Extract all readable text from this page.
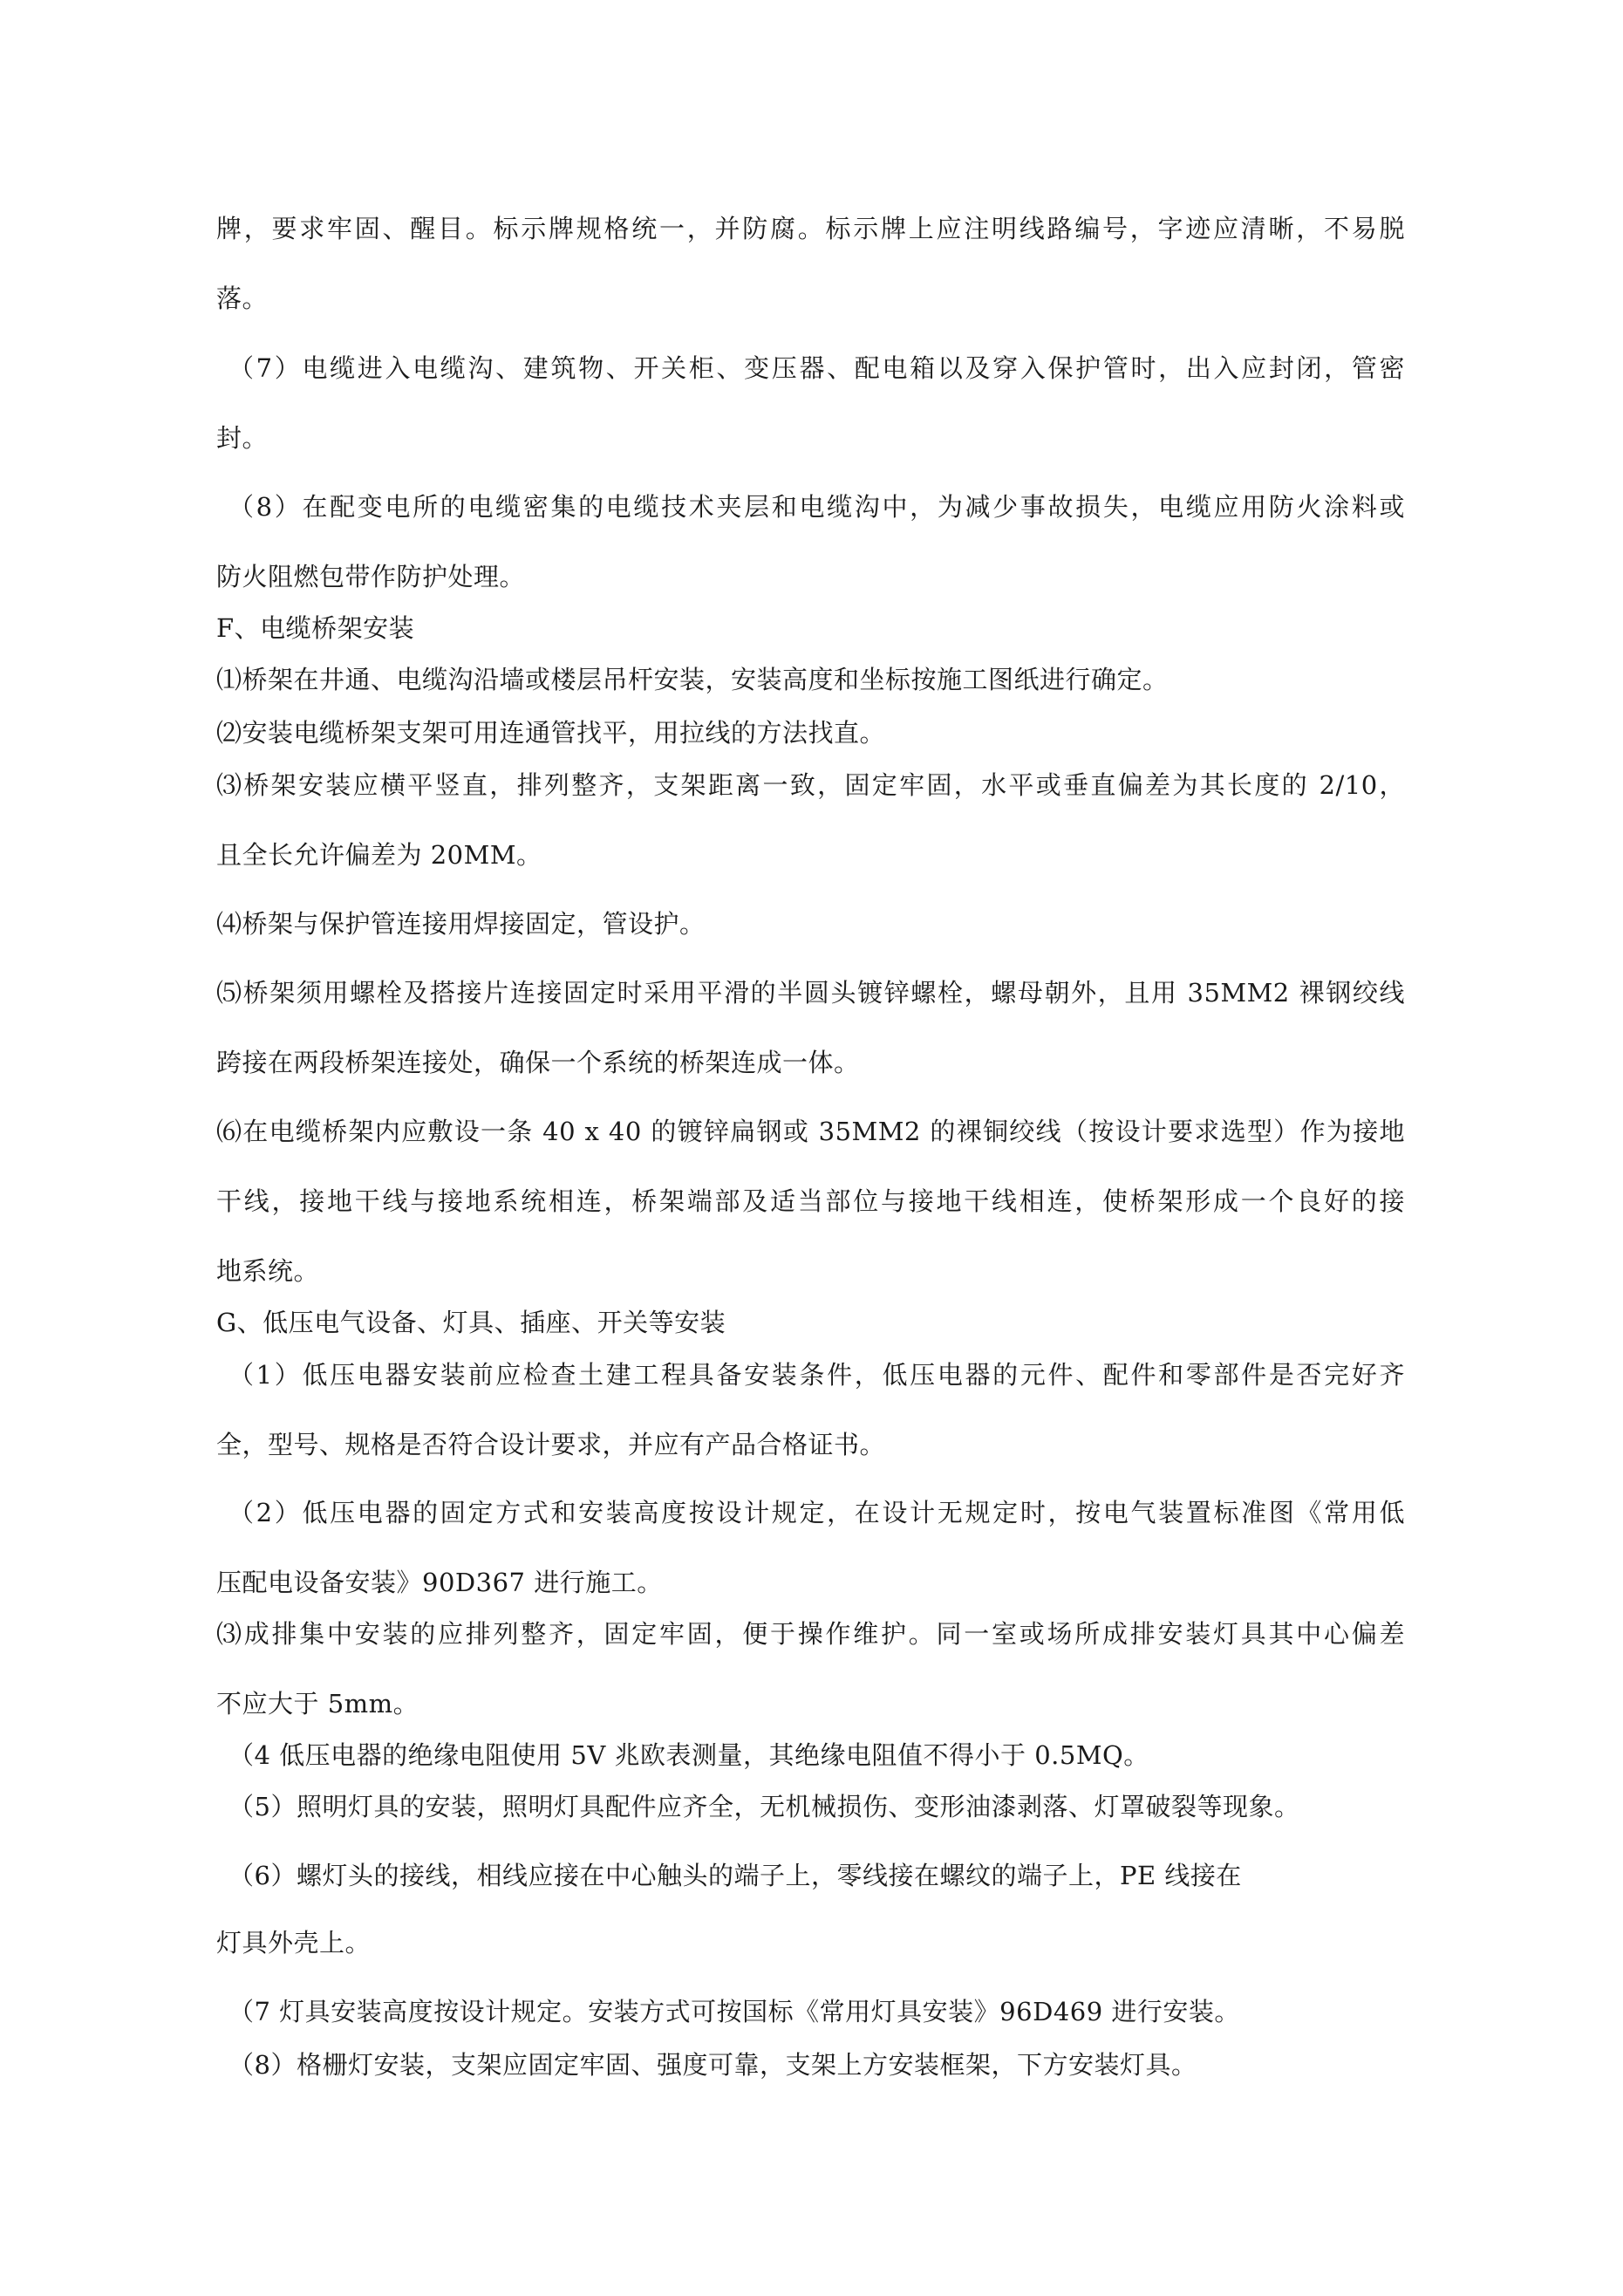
牌，要求牢固、醒目。标示牌规格统一，并防腐。标示牌上应注明线路编号，字迹应清晰，不易脱
落。
（7）电缆进入电缆沟、建筑物、开关柜、变压器、配电箱以及穿入保护管时，出入应封闭，管密
封。
（8）在配变电所的电缆密集的电缆技术夹层和电缆沟中，为减少事故损失，电缆应用防火涂料或
防火阻燃包带作防护处理。
F、电缆桥架安装
⑴桥架在井通、电缆沟沿墙或楼层吊杆安装，安装高度和坐标按施工图纸进行确定。
⑵安装电缆桥架支架可用连通管找平，用拉线的方法找直。
⑶桥架安装应横平竖直，排列整齐，支架距离一致，固定牢固，水平或垂直偏差为其长度的 2/10，
且全长允许偏差为 20MM。
⑷桥架与保护管连接用焊接固定，管设护。
⑸桥架须用螺栓及搭接片连接固定时采用平滑的半圆头镀锌螺栓，螺母朝外，且用 35MM2 裸钢绞线
跨接在两段桥架连接处，确保一个系统的桥架连成一体。
⑹在电缆桥架内应敷设一条 40 x 40 的镀锌扁钢或 35MM2 的裸铜绞线（按设计要求选型）作为接地
干线，接地干线与接地系统相连，桥架端部及适当部位与接地干线相连，使桥架形成一个良好的接
地系统。
G、低压电气设备、灯具、插座、开关等安装
（1）低压电器安装前应检查土建工程具备安装条件，低压电器的元件、配件和零部件是否完好齐
全，型号、规格是否符合设计要求，并应有产品合格证书。
（2）低压电器的固定方式和安装高度按设计规定，在设计无规定时，按电气装置标准图《常用低
压配电设备安装》90D367 进行施工。
⑶成排集中安装的应排列整齐，固定牢固，便于操作维护。同一室或场所成排安装灯具其中心偏差
不应大于 5mm。
（4 低压电器的绝缘电阻使用 5V 兆欧表测量，其绝缘电阻值不得小于 0.5MQ。
（5）照明灯具的安装，照明灯具配件应齐全，无机械损伤、变形油漆剥落、灯罩破裂等现象。
（6）螺灯头的接线，相线应接在中心触头的端子上，零线接在螺纹的端子上，PE 线接在
灯具外壳上。
（7 灯具安装高度按设计规定。安装方式可按国标《常用灯具安装》96D469 进行安装。
（8）格栅灯安装，支架应固定牢固、强度可靠，支架上方安装框架，下方安装灯具。
